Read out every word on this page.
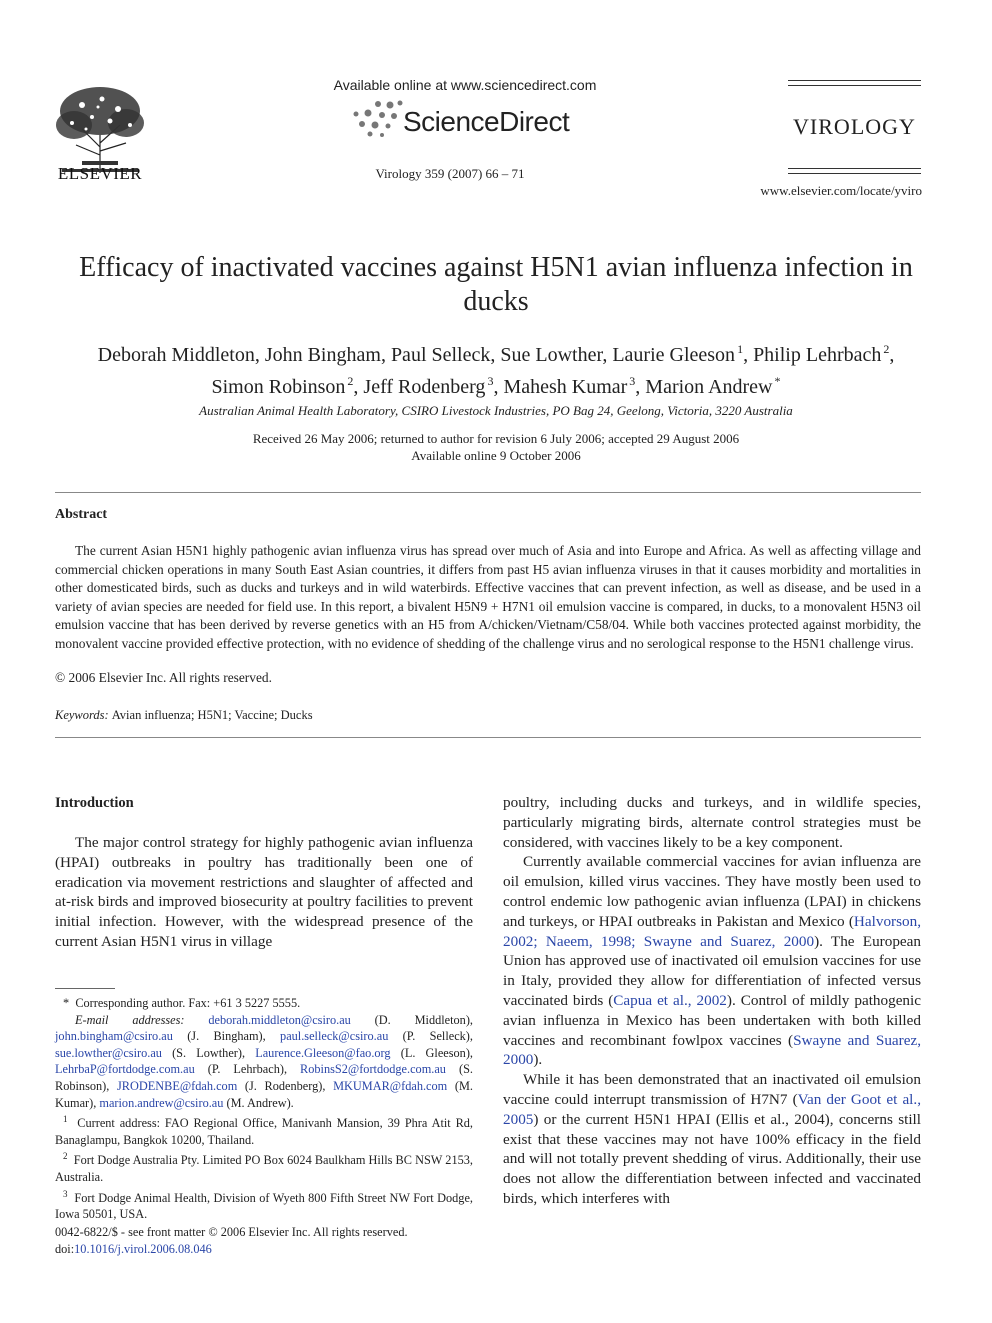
ELSEVIER
Available online at www.sciencedirect.com
ScienceDirect
Virology 359 (2007) 66 – 71
VIROLOGY
www.elsevier.com/locate/yviro
Efficacy of inactivated vaccines against H5N1 avian influenza infection in ducks
Deborah Middleton, John Bingham, Paul Selleck, Sue Lowther, Laurie Gleeson $^1$, Philip Lehrbach $^2$,
Simon Robinson $^2$, Jeff Rodenberg $^3$, Mahesh Kumar $^3$, Marion Andrew *
Australian Animal Health Laboratory, CSIRO Livestock Industries, PO Bag 24, Geelong, Victoria, 3220 Australia
Received 26 May 2006; returned to author for revision 6 July 2006; accepted 29 August 2006
Available online 9 October 2006
Abstract

The current Asian H5N1 highly pathogenic avian influenza virus has spread over much of Asia and into Europe and Africa. As well as affecting village and commercial chicken operations in many South East Asian countries, it differs from past H5 avian influenza viruses in that it causes morbidity and mortalities in other domesticated birds, such as ducks and turkeys and in wild waterbirds. Effective vaccines that can prevent infection, as well as disease, and be used in a variety of avian species are needed for field use. In this report, a bivalent H5N9 + H7N1 oil emulsion vaccine is compared, in ducks, to a monovalent H5N3 oil emulsion vaccine that has been derived by reverse genetics with an H5 from A/chicken/Vietnam/C58/04. While both vaccines protected against morbidity, the monovalent vaccine provided effective protection, with no evidence of shedding of the challenge virus and no serological response to the H5N1 challenge virus.

© 2006 Elsevier Inc. All rights reserved.
Keywords: Avian influenza; H5N1; Vaccine; Ducks
Introduction

The major control strategy for highly pathogenic avian influenza (HPAI) outbreaks in poultry has traditionally been one of eradication via movement restrictions and slaughter of affected and at-risk birds and improved biosecurity at poultry facilities to prevent initial infection. However, with the widespread presence of the current Asian H5N1 virus in village

poultry, including ducks and turkeys, and in wildlife species, particularly migrating birds, alternate control strategies must be considered, with vaccines likely to be a key component.

Currently available commercial vaccines for avian influenza are oil emulsion, killed virus vaccines. They have mostly been used to control endemic low pathogenic avian influenza (LPAI) in chickens and turkeys, or HPAI outbreaks in Pakistan and Mexico (Halvorson, 2002; Naeem, 1998; Swayne and Suarez, 2000). The European Union has approved use of inactivated oil emulsion vaccines for use in Italy, provided they allow for differentiation of infected versus vaccinated birds (Capua et al., 2002). Control of mildly pathogenic avian influenza in Mexico has been undertaken with both killed vaccines and recombinant fowlpox vaccines (Swayne and Suarez, 2000).

While it has been demonstrated that an inactivated oil emulsion vaccine could interrupt transmission of H7N7 (Van der Goot et al., 2005) or the current H5N1 HPAI (Ellis et al., 2004), concerns still exist that these vaccines may not have 100% efficacy in the field and will not totally prevent shedding of virus. Additionally, their use does not allow the differentiation between infected and vaccinated birds, which interferes with

* Corresponding author. Fax: +61 3 5227 5555.

E-mail addresses: deborah.middleton@csiro.au (D. Middleton), john.bingham@csiro.au (J. Bingham), paul.selleck@csiro.au (P. Selleck), sue.lowther@csiro.au (S. Lowther), Laurence.Gleeson@fao.org (L. Gleeson), LehrbaP@fortdodge.com.au (P. Lehrbach), RobinsS2@fortdodge.com.au (S. Robinson), JRODENBE@fdah.com (J. Rodenberg), MKUMAR@fdah.com (M. Kumar), marion.andrew@csiro.au (M. Andrew).

$^1$ Current address: FAO Regional Office, Manivanh Mansion, 39 Phra Atit Rd, Banaglampu, Bangkok 10200, Thailand.

$^2$ Fort Dodge Australia Pty. Limited PO Box 6024 Baulkham Hills BC NSW 2153, Australia.

$^3$ Fort Dodge Animal Health, Division of Wyeth 800 Fifth Street NW Fort Dodge, Iowa 50501, USA.

0042-6822/$ - see front matter © 2006 Elsevier Inc. All rights reserved.
doi:10.1016/j.virol.2006.08.046
